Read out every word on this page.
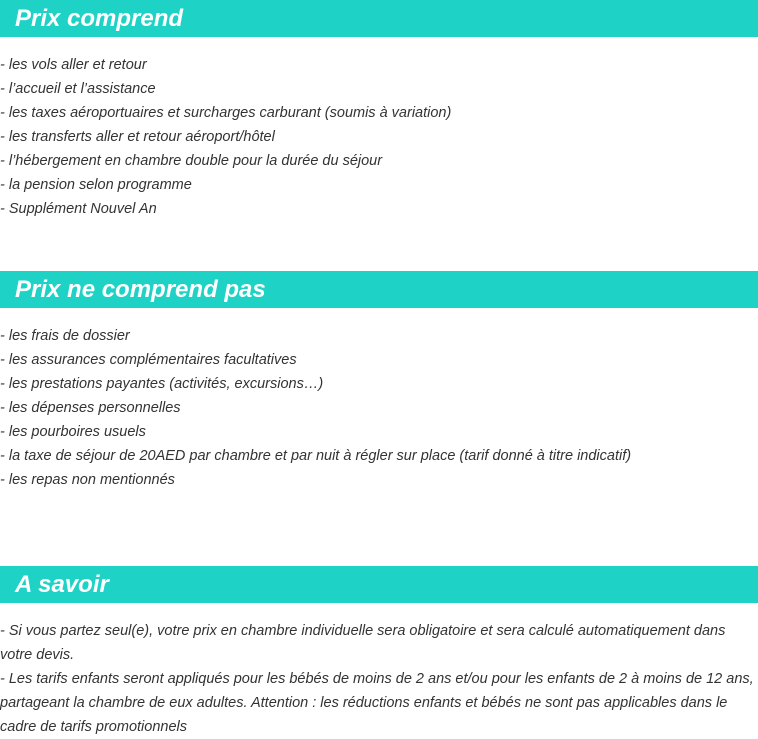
Prix comprend
- les vols aller et retour
- l’accueil et l’assistance
- les taxes aéroportuaires et surcharges carburant (soumis à variation)
- les transferts aller et retour aéroport/hôtel
- l’hébergement en chambre double pour la durée du séjour
- la pension selon programme
- Supplément Nouvel An
Prix ne comprend pas
- les frais de dossier
- les assurances complémentaires facultatives
- les prestations payantes (activités, excursions…)
- les dépenses personnelles
- les pourboires usuels
- la taxe de séjour de 20AED par chambre et par nuit à régler sur place (tarif donné à titre indicatif)
- les repas non mentionnés
A savoir

- Si vous partez seul(e), votre prix en chambre individuelle sera obligatoire et sera calculé automatiquement dans votre devis.

- Les tarifs enfants seront appliqués pour les bébés de moins de 2 ans et/ou pour les enfants de 2 à moins de 12 ans, partageant la chambre de eux adultes. Attention : les réductions enfants et bébés ne sont pas applicables dans le cadre de tarifs promotionnels
